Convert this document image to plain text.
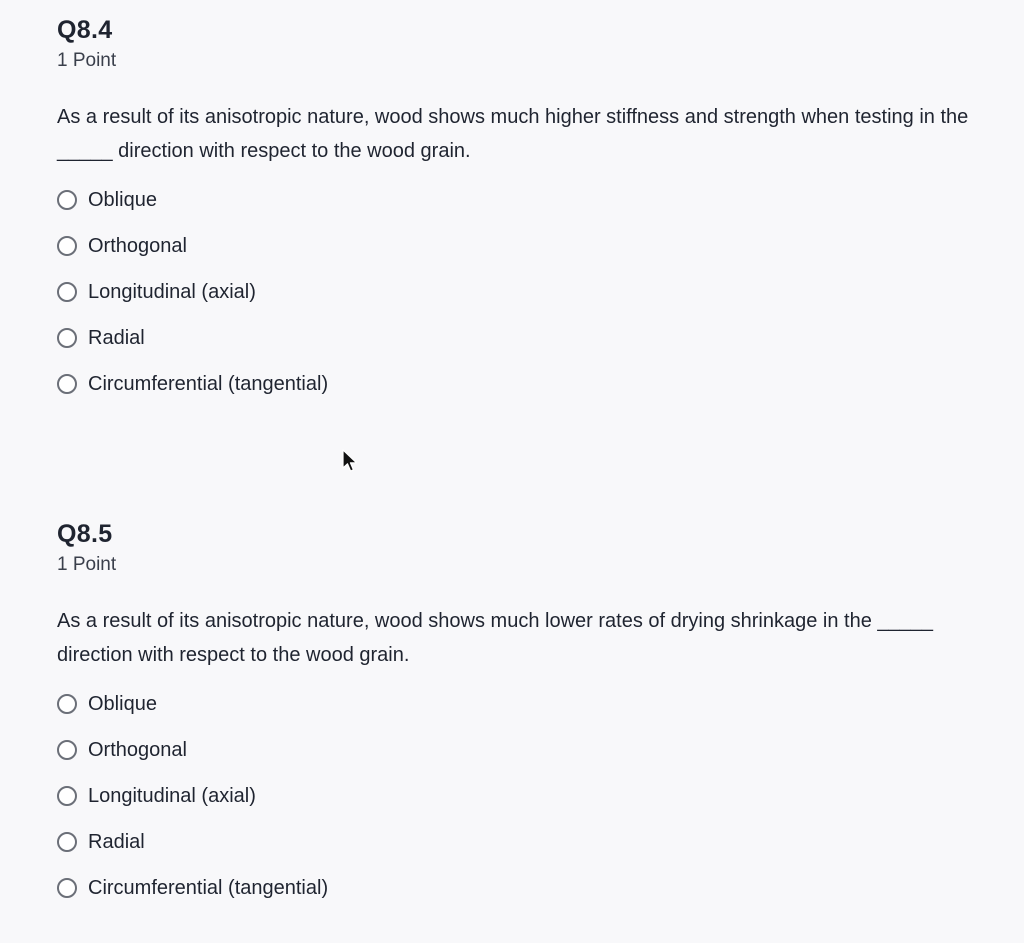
Q8.4
1 Point
As a result of its anisotropic nature, wood shows much higher stiffness and strength when testing in the _____ direction with respect to the wood grain.
Oblique
Orthogonal
Longitudinal (axial)
Radial
Circumferential (tangential)
Q8.5
1 Point
As a result of its anisotropic nature, wood shows much lower rates of drying shrinkage in the _____ direction with respect to the wood grain.
Oblique
Orthogonal
Longitudinal (axial)
Radial
Circumferential (tangential)
